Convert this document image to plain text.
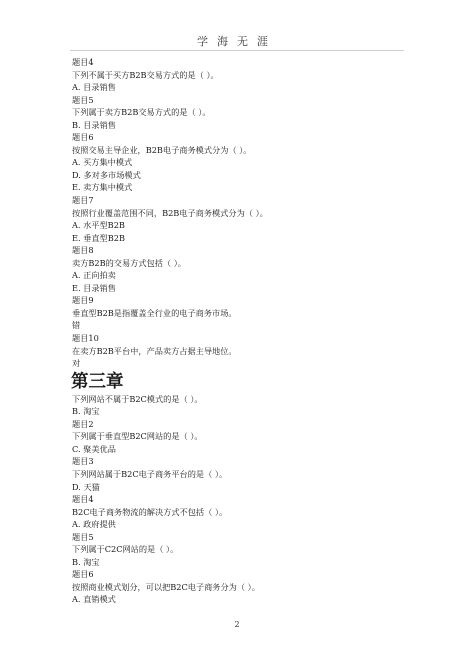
学海无涯
题目4
下列不属于买方B2B交易方式的是（ ）。
A. 目录销售
题目5
下列属于卖方B2B交易方式的是（ ）。
B. 目录销售
题目6
按照交易主导企业，B2B电子商务模式分为（ ）。
A. 买方集中模式
D. 多对多市场模式
E. 卖方集中模式
题目7
按照行业覆盖范围不同，B2B电子商务模式分为（ ）。
A. 水平型B2B
E. 垂直型B2B
题目8
卖方B2B的交易方式包括（ ）。
A. 正向拍卖
E. 目录销售
题目9
垂直型B2B是指覆盖全行业的电子商务市场。
错
题目10
在卖方B2B平台中，产品卖方占据主导地位。
对
第三章
下列网站不属于B2C模式的是（ ）。
B. 淘宝
题目2
下列属于垂直型B2C网站的是（ ）。
C. 聚美优品
题目3
下列网站属于B2C电子商务平台的是（ ）。
D. 天猫
题目4
B2C电子商务物流的解决方式不包括（ ）。
A. 政府提供
题目5
下列属于C2C网站的是（ ）。
B. 淘宝
题目6
按照商业模式划分，可以把B2C电子商务分为（ ）。
A. 直销模式
2
